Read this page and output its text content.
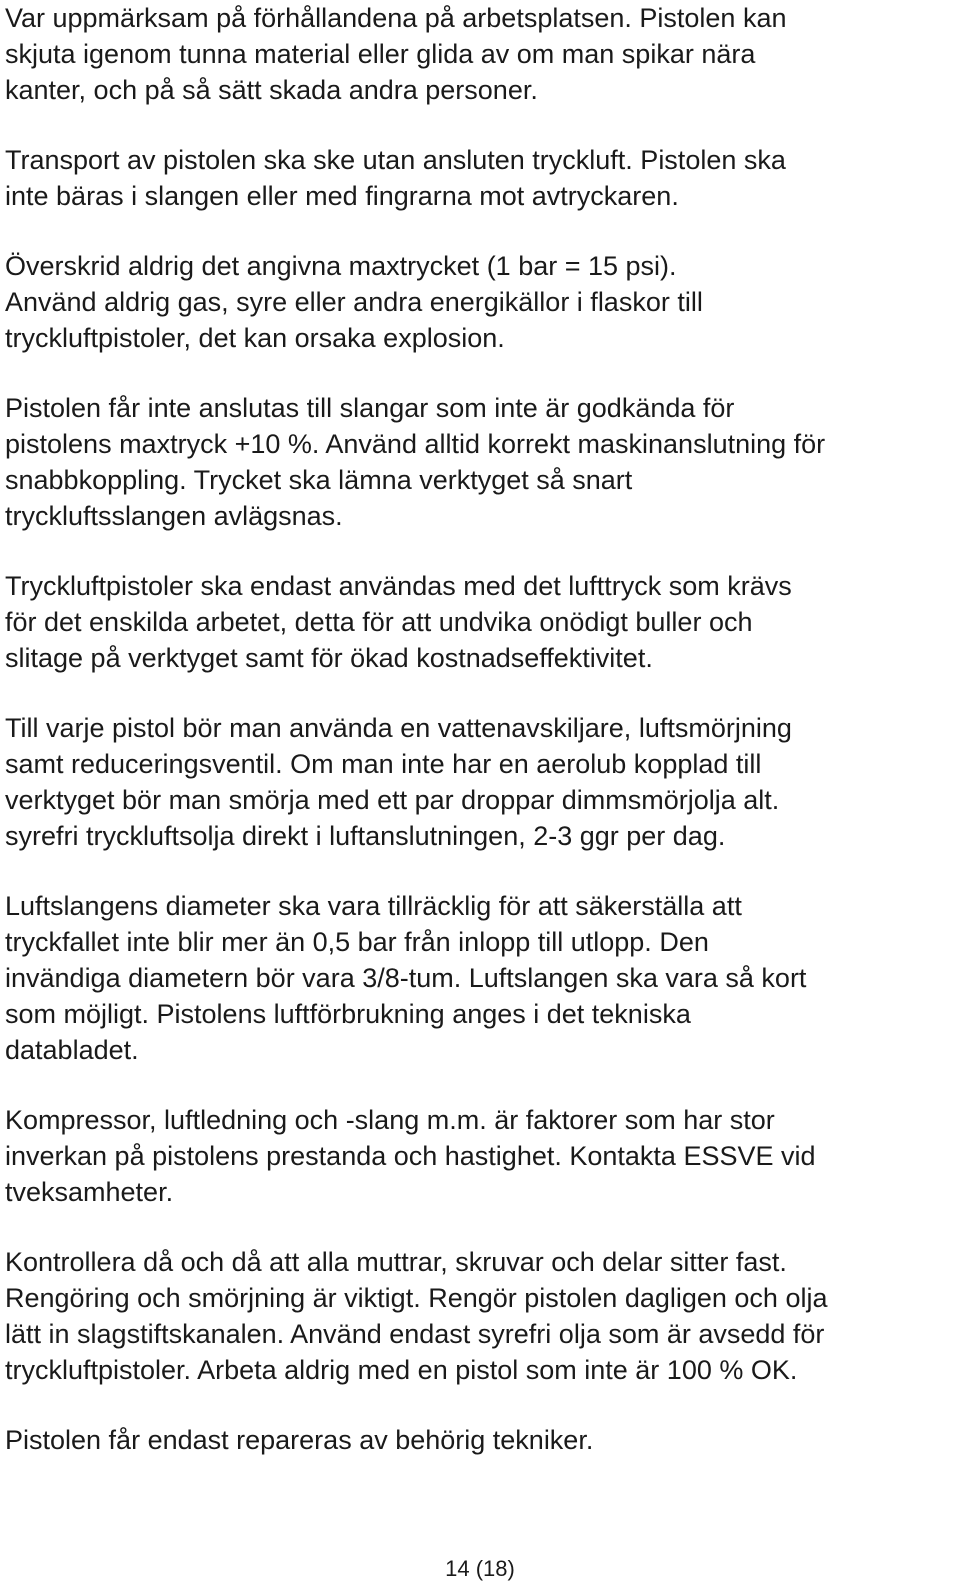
Var uppmärksam på förhållandena på arbetsplatsen. Pistolen kan
skjuta igenom tunna material eller glida av om man spikar nära
kanter, och på så sätt skada andra personer.
Transport av pistolen ska ske utan ansluten tryckluft. Pistolen ska
inte bäras i slangen eller med fingrarna mot avtryckaren.
Överskrid aldrig det angivna maxtrycket (1 bar = 15 psi).
Använd aldrig gas, syre eller andra energikällor i flaskor till
tryckluftpistoler, det kan orsaka explosion.
Pistolen får inte anslutas till slangar som inte är godkända för
pistolens maxtryck +10 %. Använd alltid korrekt maskinanslutning för
snabbkoppling. Trycket ska lämna verktyget så snart
tryckluftsslangen avlägsnas.
Tryckluftpistoler ska endast användas med det lufttryck som krävs
för det enskilda arbetet, detta för att undvika onödigt buller och
slitage på verktyget samt för ökad kostnadseffektivitet.
Till varje pistol bör man använda en vattenavskiljare, luftsmörjning
samt reduceringsventil. Om man inte har en aerolub kopplad till
verktyget bör man smörja med ett par droppar dimmsmörjolja alt.
syrefri tryckluftsolja direkt i luftanslutningen, 2-3 ggr per dag.
Luftslangens diameter ska vara tillräcklig för att säkerställa att
tryckfallet inte blir mer än 0,5 bar från inlopp till utlopp. Den
invändiga diametern bör vara 3/8-tum. Luftslangen ska vara så kort
som möjligt. Pistolens luftförbrukning anges i det tekniska
databladet.
Kompressor, luftledning och -slang m.m. är faktorer som har stor
inverkan på pistolens prestanda och hastighet. Kontakta ESSVE vid
tveksamheter.
Kontrollera då och då att alla muttrar, skruvar och delar sitter fast.
Rengöring och smörjning är viktigt. Rengör pistolen dagligen och olja
lätt in slagstiftskanalen. Använd endast syrefri olja som är avsedd för
tryckluftpistoler. Arbeta aldrig med en pistol som inte är 100 % OK.
Pistolen får endast repareras av behörig tekniker.
14 (18)
